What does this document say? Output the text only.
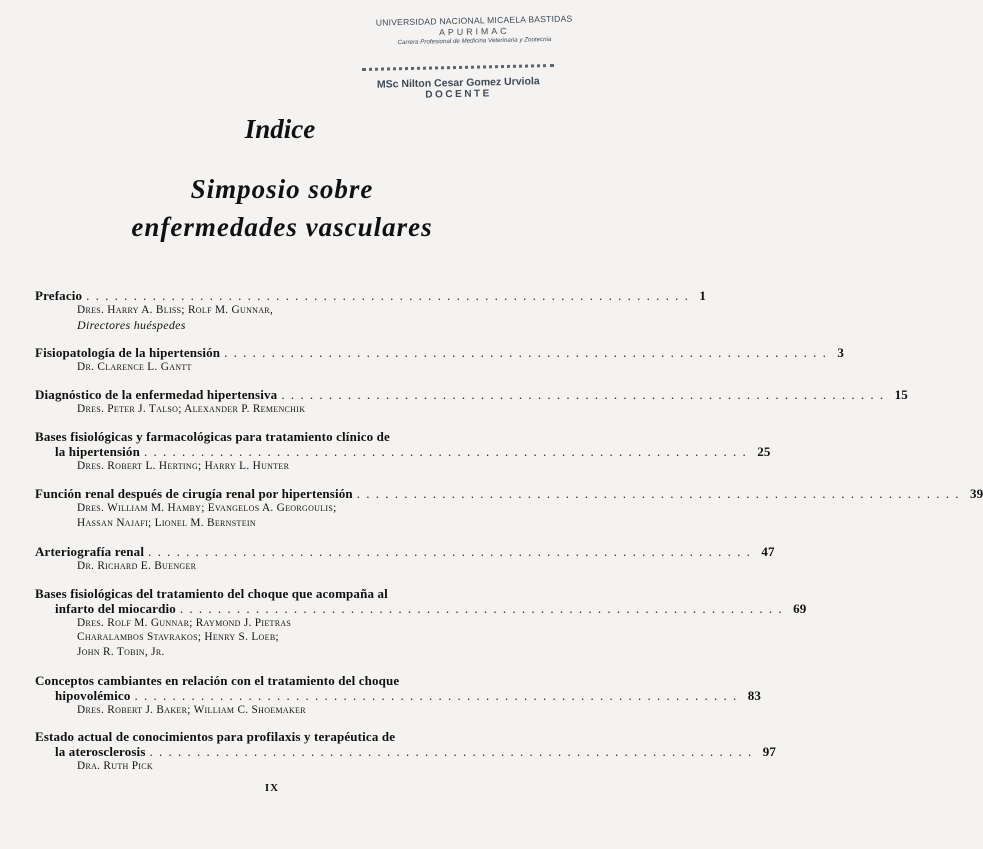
UNIVERSIDAD NACIONAL MICAELA BASTIDAS
APURIMAC
Carrera Profesional de Medicina Veterinaria y Zootecnia
MSc Nilton Cesar Gomez Urviola
DOCENTE
Indice
Simposio sobre
enfermedades vasculares
Prefacio . . . . . . . . . . . . . . . . . . . . . . . . . . . . . . . . . . . . . . . . . . . . . . . . . . . . . . . . . . . . . . . . 1
Dres. Harry A. Bliss; Rolf M. Gunnar,
Directores huéspedes
Fisiopatología de la hipertensión . . . . . . . . . . . . . . . . . . . . . . . . . . . . . . . . . . . . . . . . . . . . . . . . . . . . . . . . . . . . . . . . 3
Dr. Clarence L. Gantt
Diagnóstico de la enfermedad hipertensiva . . . . . . . . . . . . . . . . . . . . . . . . . . . . . . . . . . . . . . . . . . . . . . . . . . . . . . . . . . . . . . . . 15
Dres. Peter J. Talso; Alexander P. Remenchik
Bases fisiológicas y farmacológicas para tratamiento clínico de
la hipertensión . . . . . . . . . . . . . . . . . . . . . . . . . . . . . . . . . . . . . . . . . . . . . . . . . . . . . . . . . . . . . . . . 25
Dres. Robert L. Herting; Harry L. Hunter
Función renal después de cirugía renal por hipertensión . . . . . . . . . . . . . . . . . . . . . . . . . . . . . . . . . . . . . . . . . . . . . . . . . . . . . . . . . . . . . . . . 39
Dres. William M. Hamby; Evangelos A. Georgoulis;
Hassan Najafi; Lionel M. Bernstein
Arteriografía renal . . . . . . . . . . . . . . . . . . . . . . . . . . . . . . . . . . . . . . . . . . . . . . . . . . . . . . . . . . . . . . . . 47
Dr. Richard E. Buenger
Bases fisiológicas del tratamiento del choque que acompaña al
infarto del miocardio . . . . . . . . . . . . . . . . . . . . . . . . . . . . . . . . . . . . . . . . . . . . . . . . . . . . . . . . . . . . . . . . 69
Dres. Rolf M. Gunnar; Raymond J. Pietras
Charalambos Stavrakos; Henry S. Loeb;
John R. Tobin, Jr.
Conceptos cambiantes en relación con el tratamiento del choque
hipovolémico . . . . . . . . . . . . . . . . . . . . . . . . . . . . . . . . . . . . . . . . . . . . . . . . . . . . . . . . . . . . . . . . 83
Dres. Robert J. Baker; William C. Shoemaker
Estado actual de conocimientos para profilaxis y terapéutica de
la aterosclerosis . . . . . . . . . . . . . . . . . . . . . . . . . . . . . . . . . . . . . . . . . . . . . . . . . . . . . . . . . . . . . . . . 97
Dra. Ruth Pick
IX
